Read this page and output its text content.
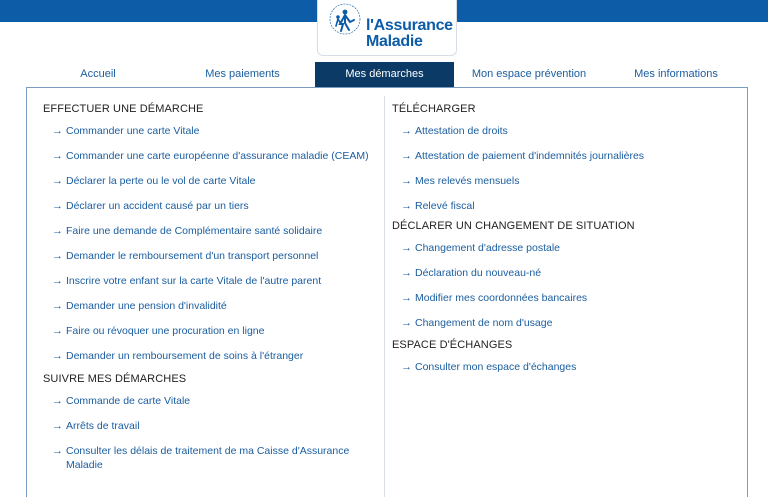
l'Assurance
Maladie
Accueil	Mes paiements	Mes démarches	Mon espace prévention	Mes informations
EFFECTUER UNE DÉMARCHE
→ Commander une carte Vitale
→ Commander une carte européenne d'assurance maladie (CEAM)
→ Déclarer la perte ou le vol de carte Vitale
→ Déclarer un accident causé par un tiers
→ Faire une demande de Complémentaire santé solidaire
→ Demander le remboursement d'un transport personnel
→ Inscrire votre enfant sur la carte Vitale de l'autre parent
→ Demander une pension d'invalidité
→ Faire ou révoquer une procuration en ligne
→ Demander un remboursement de soins à l'étranger
SUIVRE MES DÉMARCHES
→ Commande de carte Vitale
→ Arrêts de travail
→ Consulter les délais de traitement de ma Caisse d'Assurance Maladie
TÉLÉCHARGER
→ Attestation de droits
→ Attestation de paiement d'indemnités journalières
→ Mes relevés mensuels
→ Relevé fiscal
DÉCLARER UN CHANGEMENT DE SITUATION
→ Changement d'adresse postale
→ Déclaration du nouveau-né
→ Modifier mes coordonnées bancaires
→ Changement de nom d'usage
ESPACE D'ÉCHANGES
→ Consulter mon espace d'échanges
